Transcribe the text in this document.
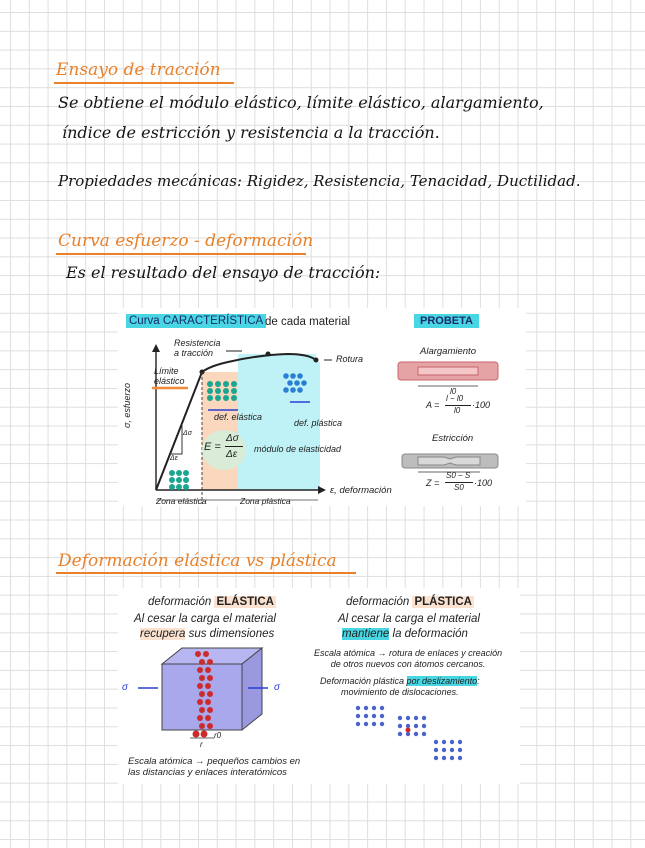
Ensayo de tracción
Se obtiene el módulo elástico, límite elástico, alargamiento,
índice de estricción y resistencia a la tracción.
Propiedades mecánicas: Rigidez, Resistencia, Tenacidad, Ductilidad.
Curva esfuerzo - deformación
Es el resultado del ensayo de tracción:
Curva CARACTERÍSTICA de cada material	PROBETA
σ, esfuerzo
ε, deformación
Resistencia
a tracción
Rotura
Límite
elástico
def. elástica
def. plástica
Δσ
Δε
E =
Δσ
Δε módulo de elasticidad
Zona elástica	Zona plástica
Alargamiento
l0
A =
l − l0
l0
·100
Estricción
Z =
S0 − S
S0 ·100
Deformación elástica vs plástica
deformación ELÁSTICA
Al cesar la carga el material
recupera sus dimensiones
σ	σ
r0
r
Escala atómica → pequeños cambios en
las distancias y enlaces interatómicos
deformación PLÁSTICA
Al cesar la carga el material
mantiene la deformación
Escala atómica → rotura de enlaces y creación
de otros nuevos con átomos cercanos.
Deformación plástica por deslizamiento:
movimiento de dislocaciones.
